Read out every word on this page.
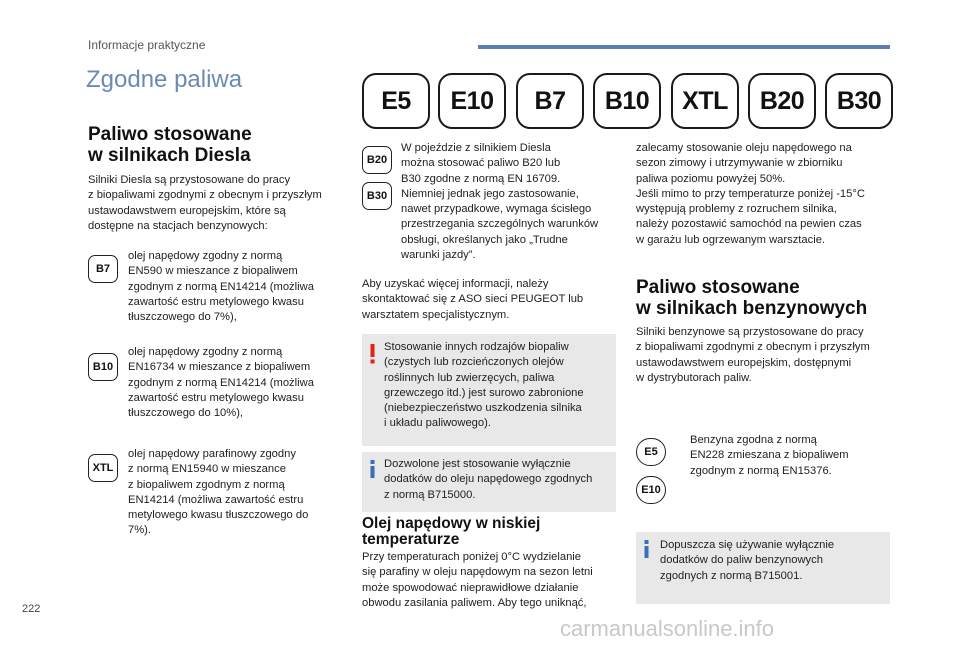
Informacje praktyczne
Zgodne paliwa
E5	E10	B7	B10	XTL	B20	B30
Paliwo stosowane
w silnikach Diesla
Silniki Diesla są przystosowane do pracy
z biopaliwami zgodnymi z obecnym i przyszłym
ustawodawstwem europejskim, które są
dostępne na stacjach benzynowych:
B7
olej napędowy zgodny z normą
EN590 w mieszance z biopaliwem
zgodnym z normą EN14214 (możliwa
zawartość estru metylowego kwasu
tłuszczowego do 7%),
B10
olej napędowy zgodny z normą
EN16734 w mieszance z biopaliwem
zgodnym z normą EN14214 (możliwa
zawartość estru metylowego kwasu
tłuszczowego do 10%),
XTL
olej napędowy parafinowy zgodny
z normą EN15940 w mieszance
z biopaliwem zgodnym z normą
EN14214 (możliwa zawartość estru
metylowego kwasu tłuszczowego do
7%).
B20
B30
W pojeździe z silnikiem Diesla
można stosować paliwo B20 lub
B30 zgodne z normą EN 16709.
Niemniej jednak jego zastosowanie,
nawet przypadkowe, wymaga ścisłego
przestrzegania szczególnych warunków
obsługi, określanych jako „Trudne
warunki jazdy”.
Aby uzyskać więcej informacji, należy
skontaktować się z ASO sieci PEUGEOT lub
warsztatem specjalistycznym.
Stosowanie innych rodzajów biopaliw
(czystych lub rozcieńczonych olejów
roślinnych lub zwierzęcych, paliwa
grzewczego itd.) jest surowo zabronione
(niebezpieczeństwo uszkodzenia silnika
i układu paliwowego).
Dozwolone jest stosowanie wyłącznie
dodatków do oleju napędowego zgodnych
z normą B715000.
Olej napędowy w niskiej
temperaturze
Przy temperaturach poniżej 0°C wydzielanie
się parafiny w oleju napędowym na sezon letni
może spowodować nieprawidłowe działanie
obwodu zasilania paliwem. Aby tego uniknąć,
zalecamy stosowanie oleju napędowego na
sezon zimowy i utrzymywanie w zbiorniku
paliwa poziomu powyżej 50%.
Jeśli mimo to przy temperaturze poniżej -15°C
występują problemy z rozruchem silnika,
należy pozostawić samochód na pewien czas
w garażu lub ogrzewanym warsztacie.
Paliwo stosowane
w silnikach benzynowych
Silniki benzynowe są przystosowane do pracy
z biopaliwami zgodnymi z obecnym i przyszłym
ustawodawstwem europejskim, dostępnymi
w dystrybutorach paliw.
E5
E10
Benzyna zgodna z normą
EN228 zmieszana z biopaliwem
zgodnym z normą EN15376.
Dopuszcza się używanie wyłącznie
dodatków do paliw benzynowych
zgodnych z normą B715001.
222
carmanualsonline.info
